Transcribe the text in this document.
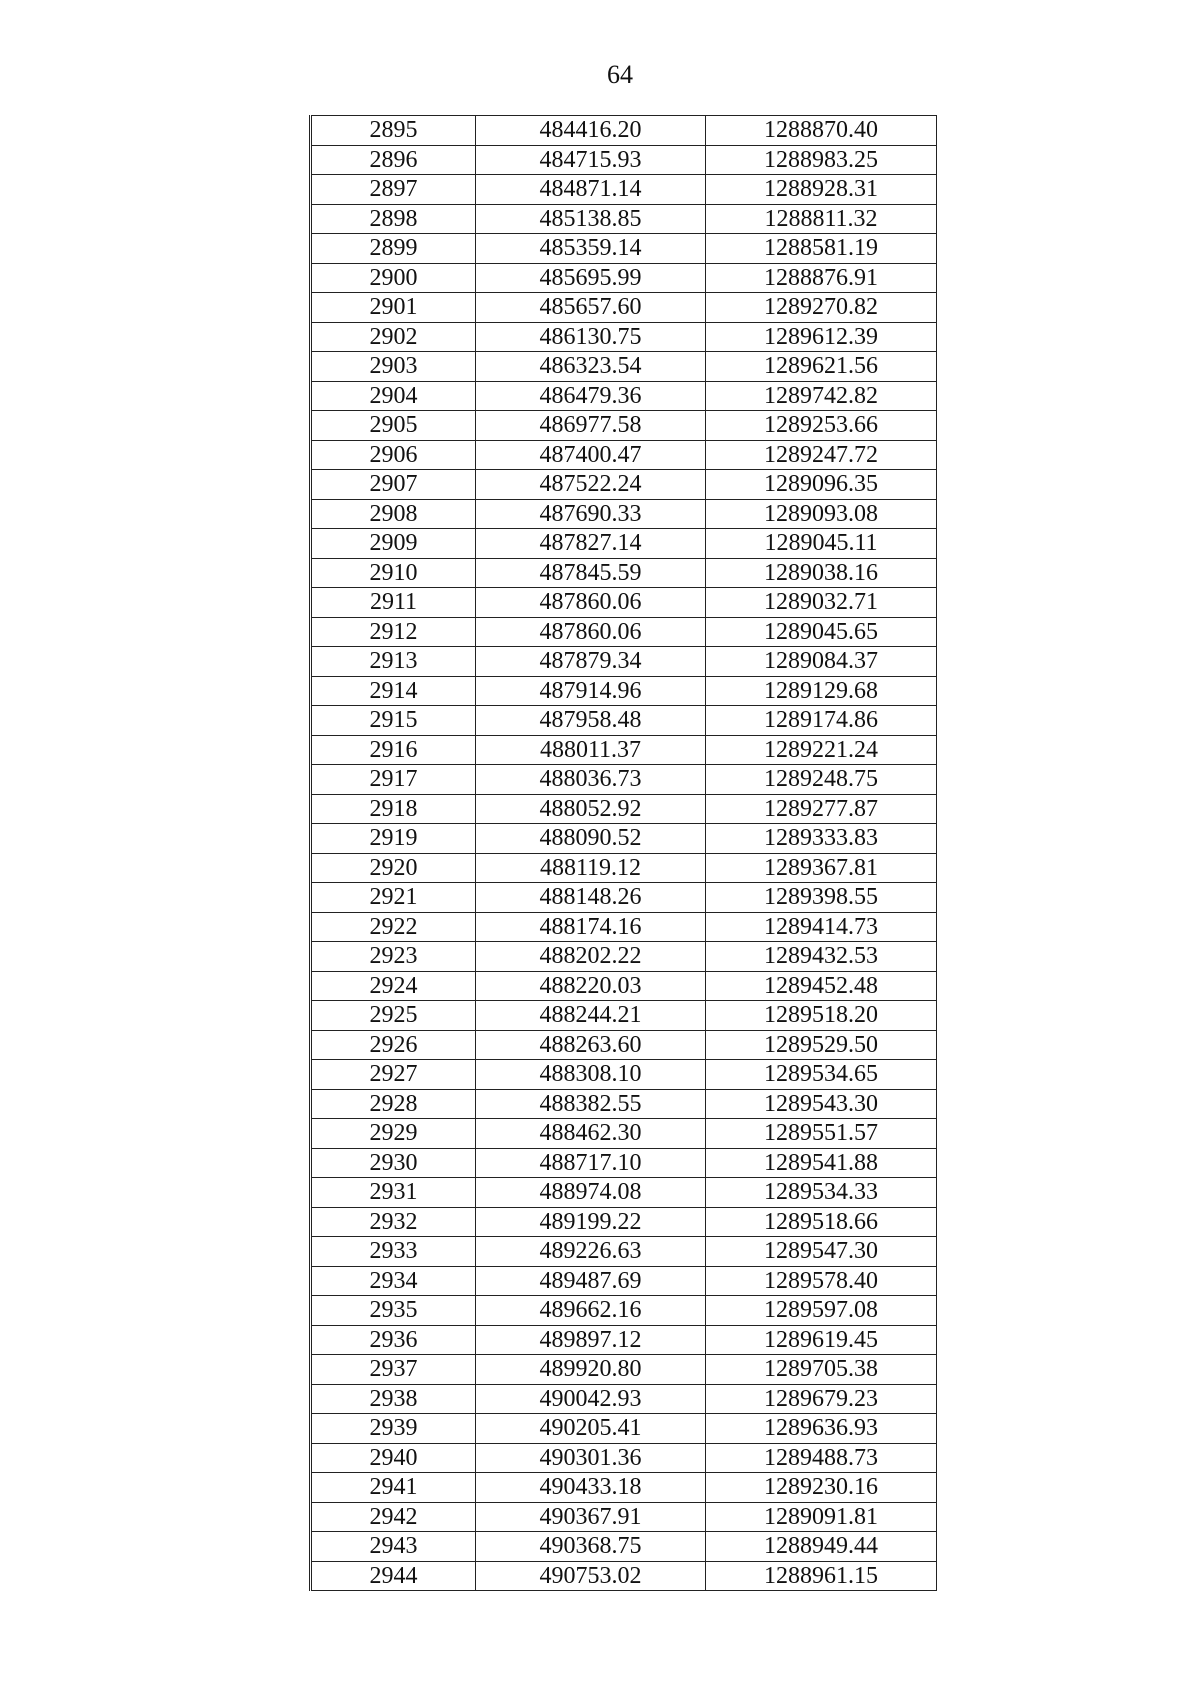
64
2895	484416.20	1288870.40
2896	484715.93	1288983.25
2897	484871.14	1288928.31
2898	485138.85	1288811.32
2899	485359.14	1288581.19
2900	485695.99	1288876.91
2901	485657.60	1289270.82
2902	486130.75	1289612.39
2903	486323.54	1289621.56
2904	486479.36	1289742.82
2905	486977.58	1289253.66
2906	487400.47	1289247.72
2907	487522.24	1289096.35
2908	487690.33	1289093.08
2909	487827.14	1289045.11
2910	487845.59	1289038.16
2911	487860.06	1289032.71
2912	487860.06	1289045.65
2913	487879.34	1289084.37
2914	487914.96	1289129.68
2915	487958.48	1289174.86
2916	488011.37	1289221.24
2917	488036.73	1289248.75
2918	488052.92	1289277.87
2919	488090.52	1289333.83
2920	488119.12	1289367.81
2921	488148.26	1289398.55
2922	488174.16	1289414.73
2923	488202.22	1289432.53
2924	488220.03	1289452.48
2925	488244.21	1289518.20
2926	488263.60	1289529.50
2927	488308.10	1289534.65
2928	488382.55	1289543.30
2929	488462.30	1289551.57
2930	488717.10	1289541.88
2931	488974.08	1289534.33
2932	489199.22	1289518.66
2933	489226.63	1289547.30
2934	489487.69	1289578.40
2935	489662.16	1289597.08
2936	489897.12	1289619.45
2937	489920.80	1289705.38
2938	490042.93	1289679.23
2939	490205.41	1289636.93
2940	490301.36	1289488.73
2941	490433.18	1289230.16
2942	490367.91	1289091.81
2943	490368.75	1288949.44
2944	490753.02	1288961.15
